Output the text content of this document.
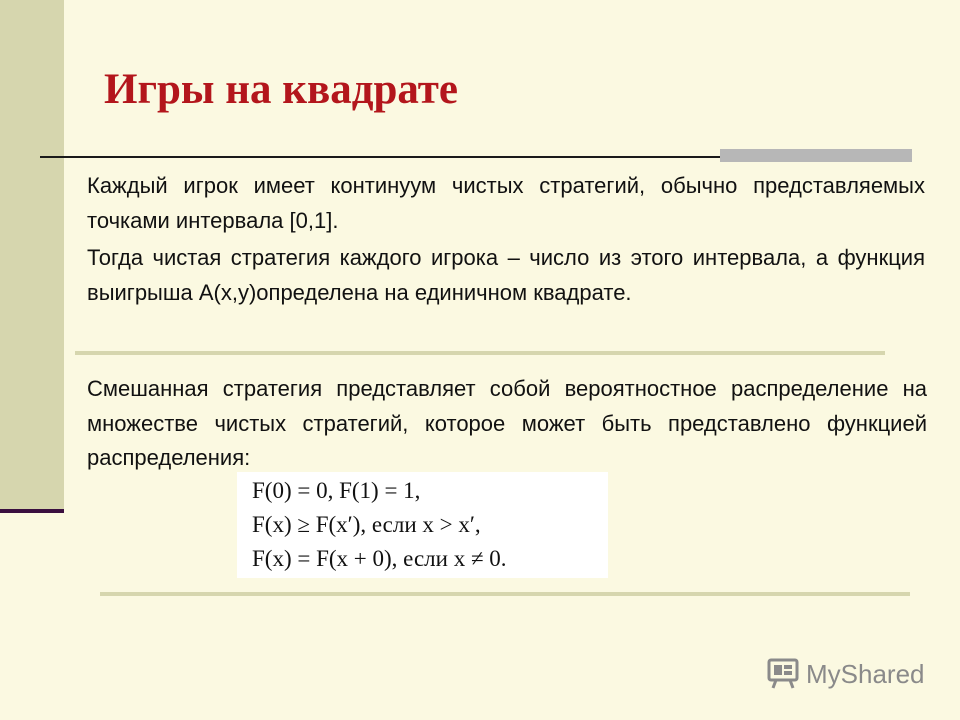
Игры на квадрате

Каждый игрок имеет континуум чистых стратегий, обычно представляемых точками интервала [0,1].

Тогда чистая стратегия каждого игрока – число из этого интервала, а функция выигрыша A(x,y)определена на единичном квадрате.

Смешанная стратегия представляет собой вероятностное распределение на множестве чистых стратегий, которое может быть представлено функцией распределения:

F(0) = 0, F(1) = 1,
F(x) ≥ F(x′), если x > x′,
F(x) = F(x + 0), если x ≠ 0.
MyShared
